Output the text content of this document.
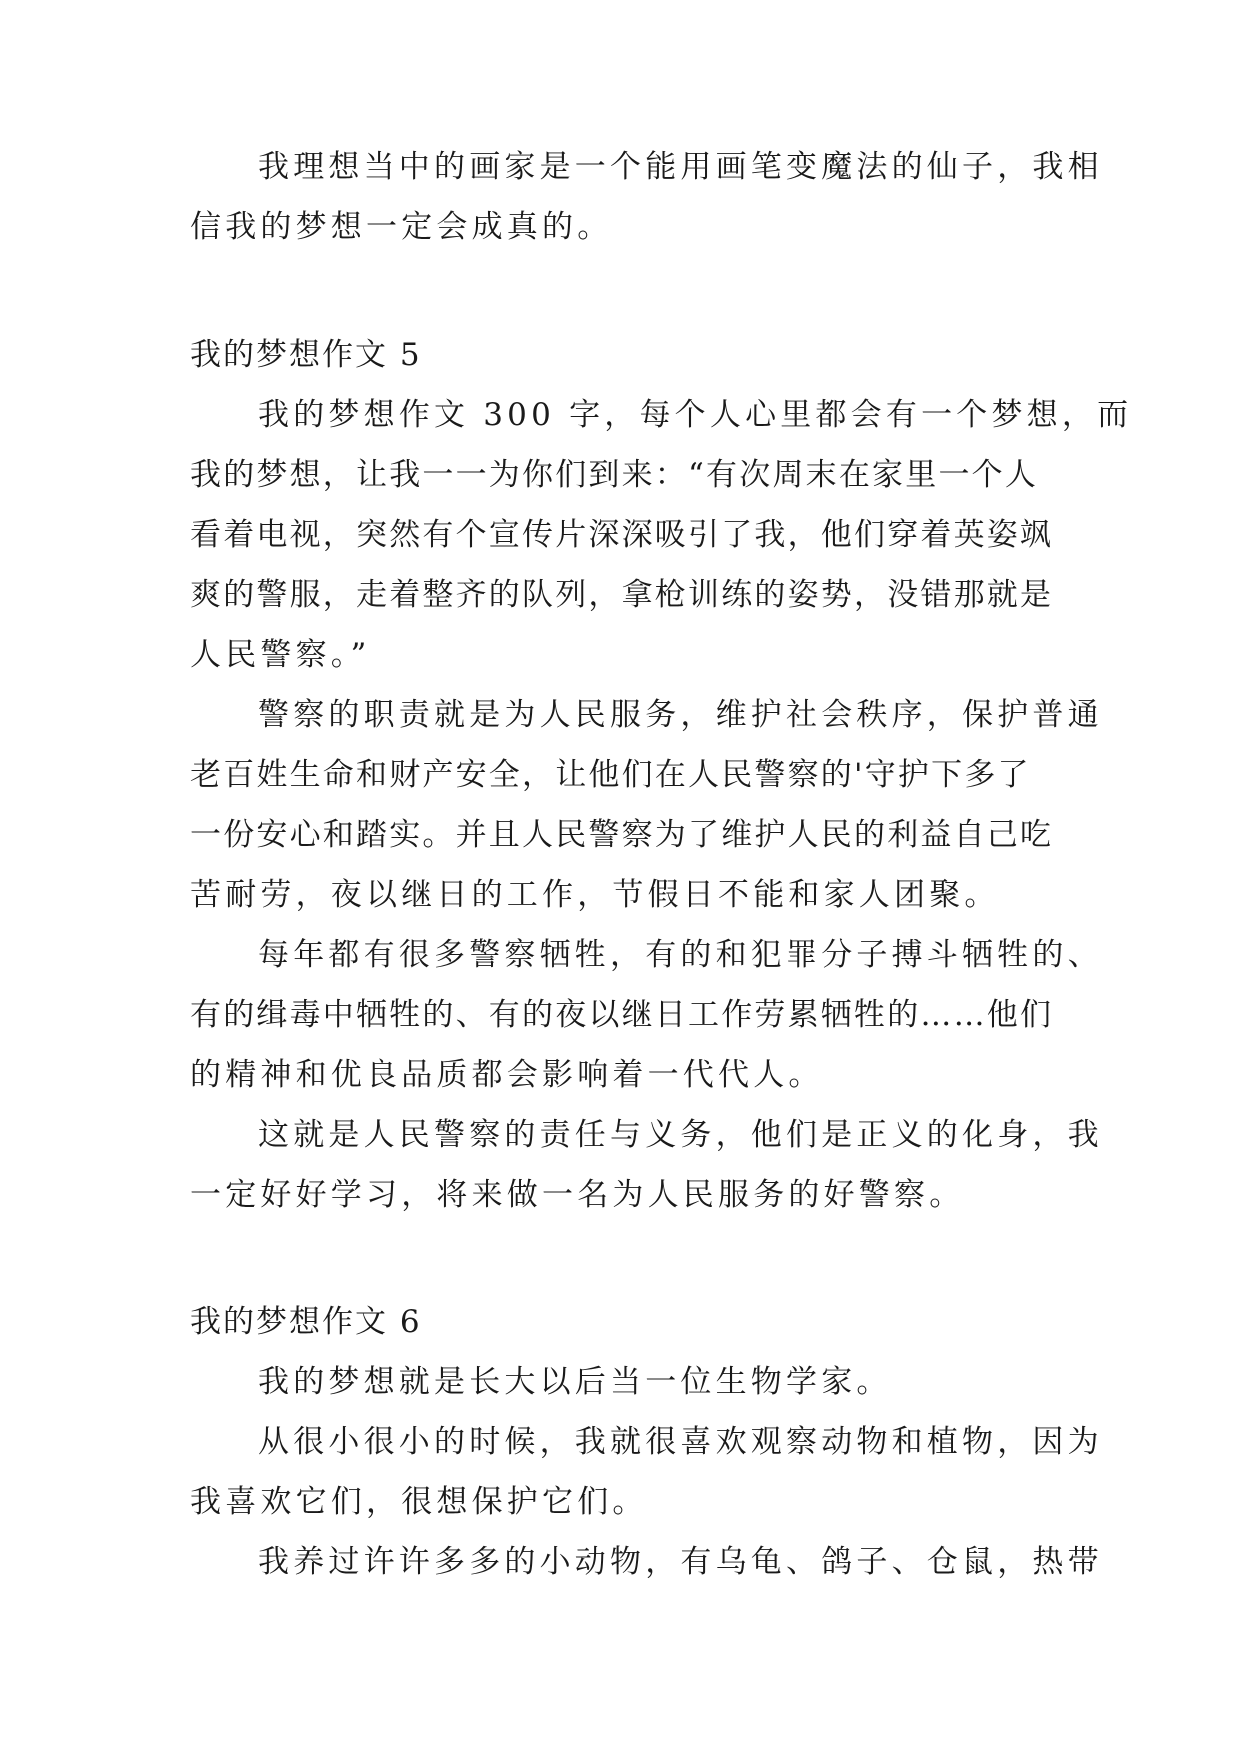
我理想当中的画家是一个能用画笔变魔法的仙子，我相
信我的梦想一定会成真的。
我的梦想作文 5
我的梦想作文 300 字，每个人心里都会有一个梦想，而
我的梦想，让我一一为你们到来：“有次周末在家里一个人
看着电视，突然有个宣传片深深吸引了我，他们穿着英姿飒
爽的警服，走着整齐的队列，拿枪训练的姿势，没错那就是
人民警察。”
警察的职责就是为人民服务，维护社会秩序，保护普通
老百姓生命和财产安全，让他们在人民警察的'守护下多了
一份安心和踏实。并且人民警察为了维护人民的利益自己吃
苦耐劳，夜以继日的工作，节假日不能和家人团聚。
每年都有很多警察牺牲，有的和犯罪分子搏斗牺牲的、
有的缉毒中牺牲的、有的夜以继日工作劳累牺牲的……他们
的精神和优良品质都会影响着一代代人。
这就是人民警察的责任与义务，他们是正义的化身，我
一定好好学习，将来做一名为人民服务的好警察。
我的梦想作文 6
我的梦想就是长大以后当一位生物学家。
从很小很小的时候，我就很喜欢观察动物和植物，因为
我喜欢它们，很想保护它们。
我养过许许多多的小动物，有乌龟、鸽子、仓鼠，热带
